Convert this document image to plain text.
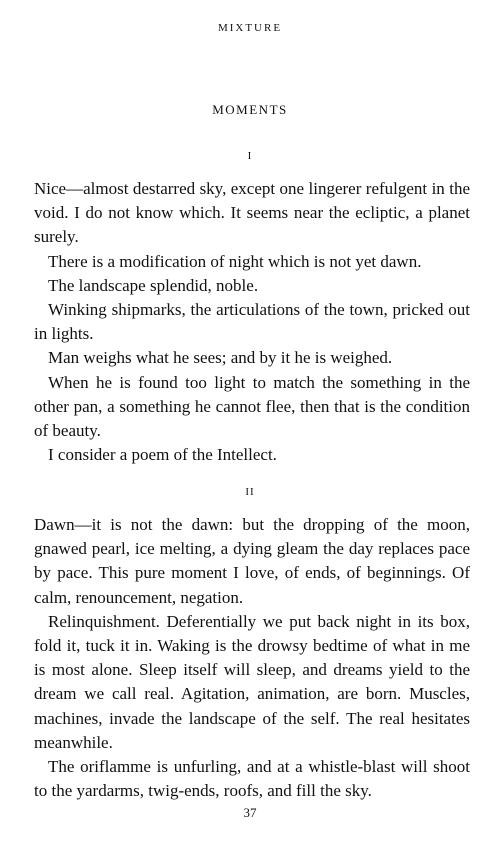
MIXTURE
MOMENTS
I

Nice—almost destarred sky, except one lingerer refulgent in the void. I do not know which. It seems near the ecliptic, a planet surely.

There is a modification of night which is not yet dawn.

The landscape splendid, noble.

Winking shipmarks, the articulations of the town, pricked out in lights.

Man weighs what he sees; and by it he is weighed.

When he is found too light to match the something in the other pan, a something he cannot flee, then that is the condition of beauty.

I consider a poem of the Intellect.

II

Dawn—it is not the dawn: but the dropping of the moon, gnawed pearl, ice melting, a dying gleam the day replaces pace by pace. This pure moment I love, of ends, of beginnings. Of calm, renouncement, negation.

Relinquishment. Deferentially we put back night in its box, fold it, tuck it in. Waking is the drowsy bedtime of what in me is most alone. Sleep itself will sleep, and dreams yield to the dream we call real. Agitation, animation, are born. Muscles, machines, invade the landscape of the self. The real hesitates meanwhile.

The oriflamme is unfurling, and at a whistle-blast will shoot to the yardarms, twig-ends, roofs, and fill the sky.

37
